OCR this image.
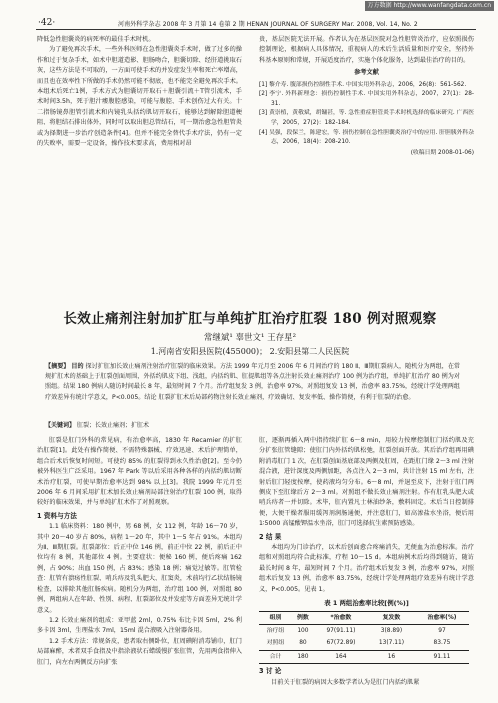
万方数据 http://www.wanfangdata.com.cn
·42·	河南外科学杂志 2008 年 3 月第 14 卷第 2 期 HENAN JOURNAL OF SURGERY Mar. 2008, Vol. 14, No. 2

降低急性胆囊炎的病死率的最佳手术时机。

为了避免再次手术，一些外科医师在急性胆囊炎手术时，做了过多的操作和过于复杂手术，如术中胆道造影、胆肠吻合，胆囊切除、经肝道挑取石灰，这些方法是不可取的，一方面可使手术的并发症发生率和死亡率增高，而且也在效率性下所做的手术仍然可能不彻底，也不能完全避免再次手术。本组术后死亡1例，手术方式为胆囊切开取石＋胆囊引流＋T管引流术，手术时间3.5h，死于胆汁痿腹腔感染，可能与腹腔、手术创伤过大有关。十二指肠镜鼻胆管引流术和内镜乳头括约肌切开取石，能够达到解除胆道梗阻、将胆结石排出体外，同时可以取出胆总管结石，可一期治愈急性胆管炎或为择期进一步治疗创造条件[4]。但并不能完全替代手术疗法，仍有一定的失败率，需要一定设备，操作技术要求高，费用相对昂

贵，基层医院无法开展。作者认为在基层医院对急性胆管炎治疗，应依照损伤控制理论，根据病人具体情况，重视病人的术后生活质量和医疗安全，坚持外科基本原则和常规，开展适度治疗，实施个体化服务，达到最佳治疗的目的。

参考文献
[1] 黎介寿. 腹部损伤控制性手术. 中国实用外科杂志，2006，26(8)：561-562.
[2] 李宁. 外科新理念：损伤控制性手术. 中国实用外科杂志，2007，27(1)：28-31.
[3] 黄崇植，黄敬斌，胡镛甚，等. 急性重症胆管炎手术时机选择的临床研究. 广西医学，2005，27(2)：182-184.
[4] 吴强，段保兰，陈建宏，等. 损伤控制在急性胆囊炎治疗中的应用. 肝胆胰外科杂志，2006，18(4)：208-210.
(收稿日期 2008-01-06)
长效止痛剂注射加扩肛与单纯扩肛治疗肛裂 180 例对照观察
常继斌¹ 辜世文¹ 王存星²
1.河南省安阳县医院(455000)； 2.安阳县第二人民医院
【摘要】 目的 探讨扩肛加长效止痛剂注射治疗肛裂的临床效果。方法 1999 年元月至 2006 年 6 月间治疗的 180 Ⅱ、Ⅲ期肛裂病人，随机分为两组，在常规扩肛术的基础上于肛裂创面周围，外括约肌皮下组、浅组，内括约肌、肛提肌组等各点注射长效止痛剂治疗 100 例为治疗组，单纯扩肛治疗 80 例为对照组。结果 180 例病人随访时间最长 8 年，最短时间 7 个月。治疗组复发 3 例，治愈率 97%，对照组复发 13 例，治愈率 83.75%，经统计学处理两组疗效差异有统计学意义，P<0.005。结论 肛裂扩肛术后局部药物注射长效止痛剂，疗效确切、复发率低、操作简便，有利于肛裂的治愈。
【关键词】 肛裂；长效止痛剂；扩肛术

肛裂是肛门外科的常见病，有治愈率高，1830 年 Recamier 的扩肛治肛裂[1]。此处有操作简便、不需特殊器械、疗效迅速、术后护理简单，组合后术后恢复时间短。可使约 85% 的肛裂得到永久性治愈[2]。至今仍被外科医生广泛采用。1967 年 Park 等以后采用各种各样的内括约肌切断术治疗肛裂，可使早期治愈率达到 98% 以上[3]。我院 1999 年元月至 2006 年 6 月间采用扩肛术加长效止痛剂局部注射治疗肛裂 100 例，取得较好的临床效果，并与单纯扩肛术作了对照观察。

1 资料与方法

1.1 临床资料：180 例中，男 68 例，女 112 例，年龄 16～70 岁，其中 20～40 岁占 80%，病程 1～20 年，其中 1～5 年占 91%。本组均为Ⅱ、Ⅲ期肛裂。肛裂部位：后正中位 146 例，前正中位 22 例，前后正中位均有 8 例，其他部位 4 例。主要症状：便秘 160 例，便后疼痛 162 例，占 90%；出血 150 例，占 83%；感染 18 例；痛觉过敏等。肛管检查：肛管有溃疡性肛裂、哨兵痔及乳头肥大、肛窦炎，术前均行乙状结肠镜检查，以排除其他肛肠疾病。随机分为两组，治疗组 100 例，对照组 80 例，两组病人在年龄、性别、病程、肛裂部位及并发症等方面差异无统计学意义。

1.2 长效止痛剂的组成：亚甲蓝 2ml，0.75% 布比卡因 5ml，2% 利多卡因 3ml，生理盐水 7ml，15ml 混合液吸入注射器备用。

1.2 手术方法：常规备皮，患者取右侧卧位，肛周碘附消毒铺巾，肛门局部麻醉，术者双手食指及中指涂液状石蜡缓慢扩张肛管，先用两食指伸入肛门，向左右两侧反方向扩张

肛，逐渐再插入两中指持续扩肛 6～8 min，用较力按摩控制肛门括约肌及充分扩张肛管缝隙；使肛门内外括约肌松弛，肛裂创面开放。其后治疗组再用碘附消毒肛门 1 次，在肛裂创面基底部及两侧及肛周，在距肛门缘 2～3 ml 注射混合液，进针深度及两侧加距，各点注入 2～3 ml，共计注射 15 ml 左右，注射后肛门轻度按摩，使药液均匀分布。6～8 ml，并退至皮下，注射于肛门两侧皮下至肛缘后方 2～3 ml。对照组不做长效止痛剂注射。作有肛乳头肥大或哨兵痔者一并切除。术毕，肛内置凡士林油纱条，敷料固定。术后当日控制排便，大便干燥者服用缓泻剂润肠通便，并注意肛门，如高渗盐水坐浴，便后用 1∶5000 高锰酸钾温水坐浴，肛门可选择抗生素预防感染。

2 结 果

本组均为门诊治疗，以术后创面愈合疼痛消失，无便血为治愈标准。治疗组和对照组均符合此标准，疗程 10～15 d。本组病例术后均得到随访，随访最长时间 8 年，最短时间 7 个月。治疗组术后复发 3 例，治愈率 97%，对照组术后复发 13 例，治愈率 83.75%，经统计学处理两组疗效差异有统计学意义，P<0.005。见表 1。

表 1 两组治愈率比较[例(%)]
组别	例数	*治愈数	复发数	治愈率(%)
治疗组	100	97(91.11)	3(8.89)	97
对照组	80	67(72.89)	13(7.11)	83.75
合计	180	164	16	91.11
3 讨 论

目前关于肛裂的病因大多数学者认为是肛门内括约肌紧
